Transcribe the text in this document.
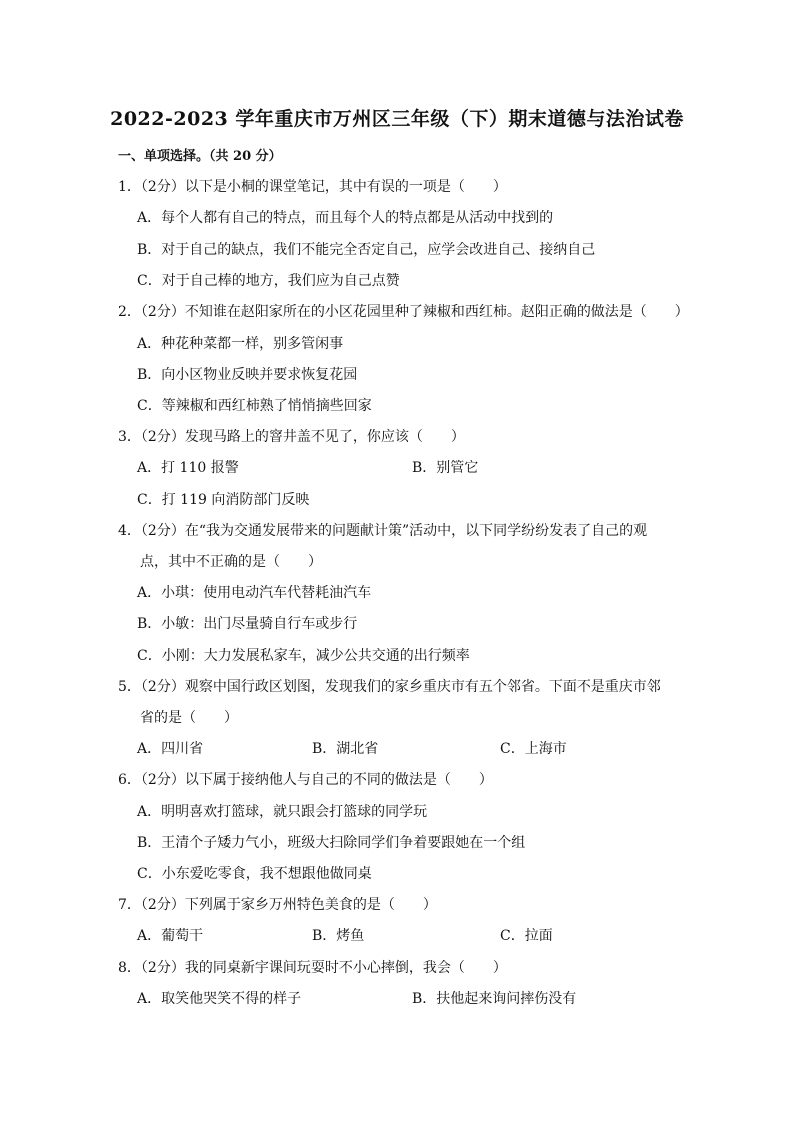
2022-2023 学年重庆市万州区三年级（下）期末道德与法治试卷
一、单项选择。（共 20 分）
1．（2分）以下是小桐的课堂笔记，其中有误的一项是（　　）
A．每个人都有自己的特点，而且每个人的特点都是从活动中找到的
B．对于自己的缺点，我们不能完全否定自己，应学会改进自己、接纳自己
C．对于自己棒的地方，我们应为自己点赞
2．（2分）不知谁在赵阳家所在的小区花园里种了辣椒和西红柿。赵阳正确的做法是（　　）
A．种花种菜都一样，别多管闲事
B．向小区物业反映并要求恢复花园
C．等辣椒和西红柿熟了悄悄摘些回家
3．（2分）发现马路上的窨井盖不见了，你应该（　　）
A．打 110 报警	B．别管它
C．打 119 向消防部门反映
4．（2分）在“我为交通发展带来的问题献计策”活动中，以下同学纷纷发表了自己的观
点，其中不正确的是（　　）
A．小琪：使用电动汽车代替耗油汽车
B．小敏：出门尽量骑自行车或步行
C．小刚：大力发展私家车，减少公共交通的出行频率
5．（2分）观察中国行政区划图，发现我们的家乡重庆市有五个邻省。下面不是重庆市邻
省的是（　　）
A．四川省	B．湖北省	C．上海市
6．（2分）以下属于接纳他人与自己的不同的做法是（　　）
A．明明喜欢打篮球，就只跟会打篮球的同学玩
B．王清个子矮力气小，班级大扫除同学们争着要跟她在一个组
C．小东爱吃零食，我不想跟他做同桌
7．（2分）下列属于家乡万州特色美食的是（　　）
A．葡萄干	B．烤鱼	C．拉面
8．（2分）我的同桌新宇课间玩耍时不小心摔倒，我会（　　）
A．取笑他哭笑不得的样子	B．扶他起来询问摔伤没有
